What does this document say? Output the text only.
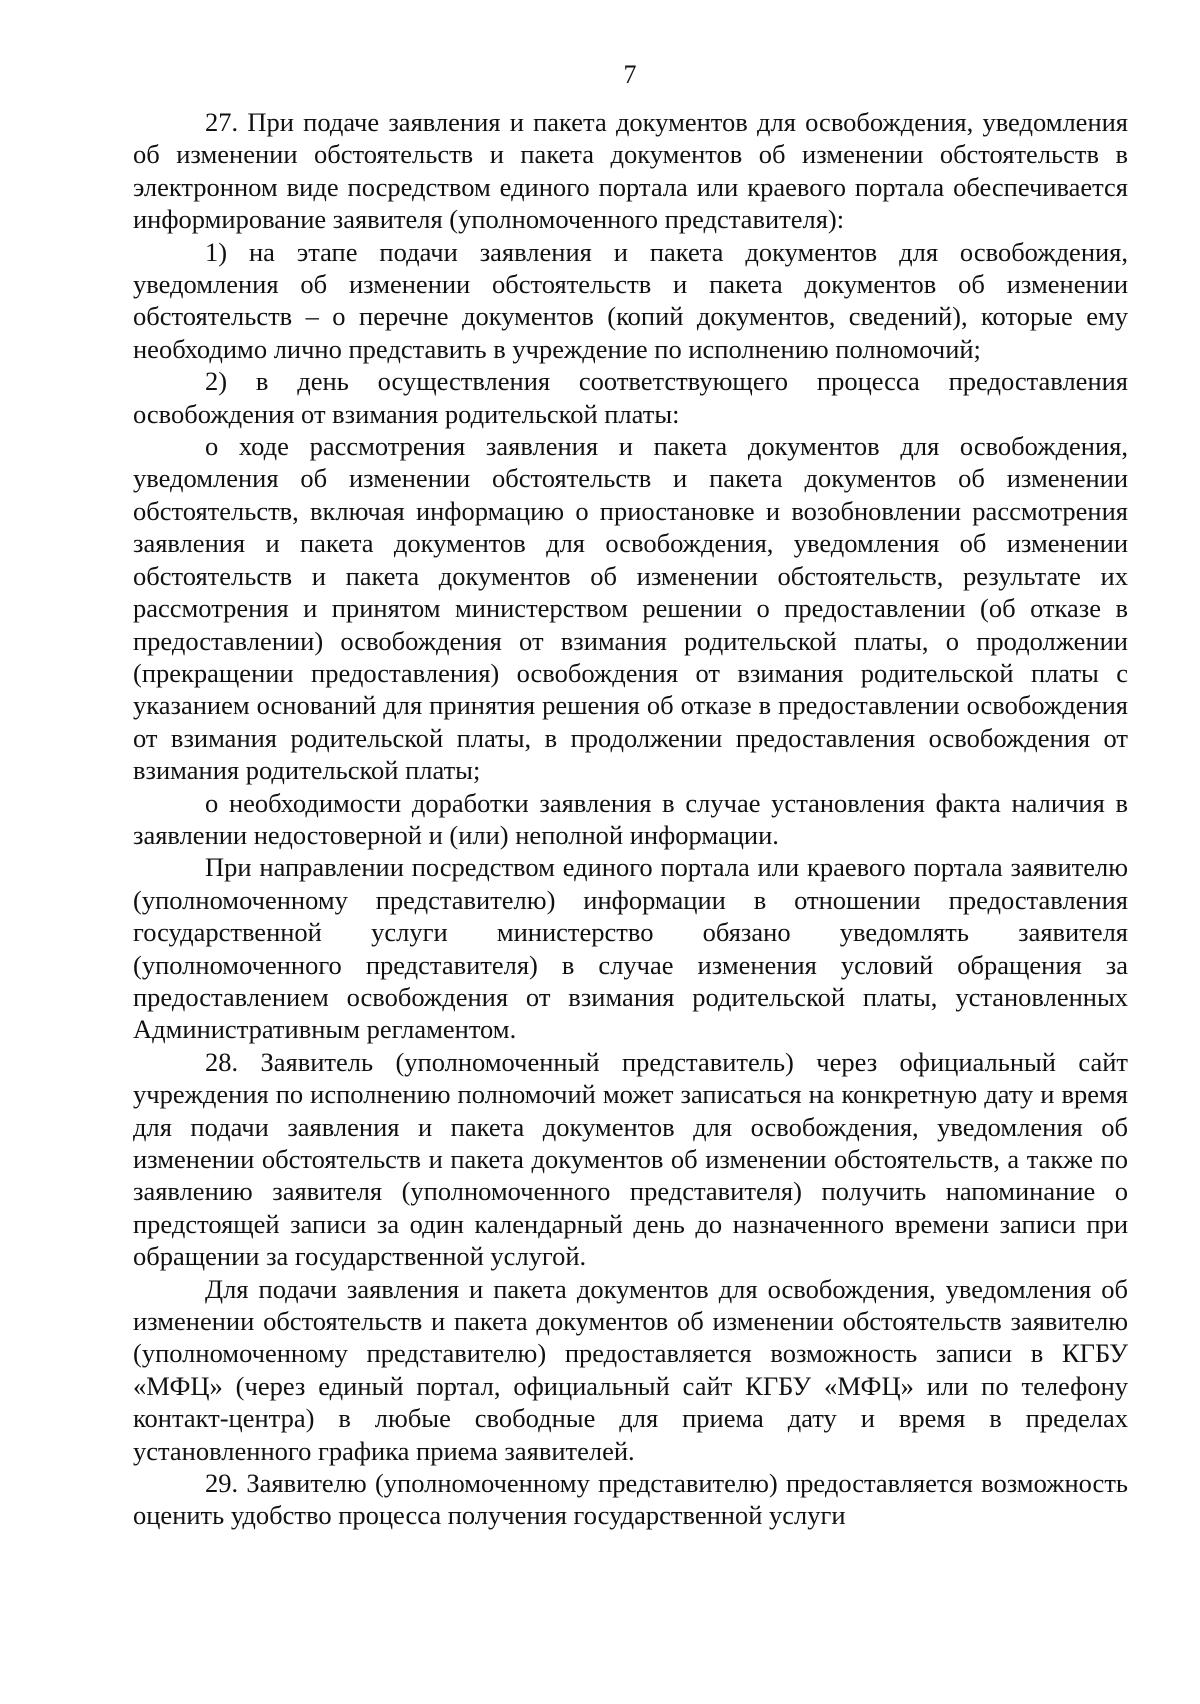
7

27. При подаче заявления и пакета документов для освобождения, уведомления об изменении обстоятельств и пакета документов об изменении обстоятельств в электронном виде посредством единого портала или краевого портала обеспечивается информирование заявителя (уполномоченного представителя):

1) на этапе подачи заявления и пакета документов для освобождения, уведомления об изменении обстоятельств и пакета документов об изменении обстоятельств – о перечне документов (копий документов, сведений), которые ему необходимо лично представить в учреждение по исполнению полномочий;

2) в день осуществления соответствующего процесса предоставления освобождения от взимания родительской платы:

о ходе рассмотрения заявления и пакета документов для освобождения, уведомления об изменении обстоятельств и пакета документов об изменении обстоятельств, включая информацию о приостановке и возобновлении рассмотрения заявления и пакета документов для освобождения, уведомления об изменении обстоятельств и пакета документов об изменении обстоятельств, результате их рассмотрения и принятом министерством решении о предоставлении (об отказе в предоставлении) освобождения от взимания родительской платы, о продолжении (прекращении предоставления) освобождения от взимания родительской платы с указанием оснований для принятия решения об отказе в предоставлении освобождения от взимания родительской платы, в продолжении предоставления освобождения от взимания родительской платы;

о необходимости доработки заявления в случае установления факта наличия в заявлении недостоверной и (или) неполной информации.

При направлении посредством единого портала или краевого портала заявителю (уполномоченному представителю) информации в отношении предоставления государственной услуги министерство обязано уведомлять заявителя (уполномоченного представителя) в случае изменения условий обращения за предоставлением освобождения от взимания родительской платы, установленных Административным регламентом.

28. Заявитель (уполномоченный представитель) через официальный сайт учреждения по исполнению полномочий может записаться на конкретную дату и время для подачи заявления и пакета документов для освобождения, уведомления об изменении обстоятельств и пакета документов об изменении обстоятельств, а также по заявлению заявителя (уполномоченного представителя) получить напоминание о предстоящей записи за один календарный день до назначенного времени записи при обращении за государственной услугой.

Для подачи заявления и пакета документов для освобождения, уведомления об изменении обстоятельств и пакета документов об изменении обстоятельств заявителю (уполномоченному представителю) предоставляется возможность записи в КГБУ «МФЦ» (через единый портал, официальный сайт КГБУ «МФЦ» или по телефону контакт-центра) в любые свободные для приема дату и время в пределах установленного графика приема заявителей.

29. Заявителю (уполномоченному представителю) предоставляется возможность оценить удобство процесса получения государственной услуги
